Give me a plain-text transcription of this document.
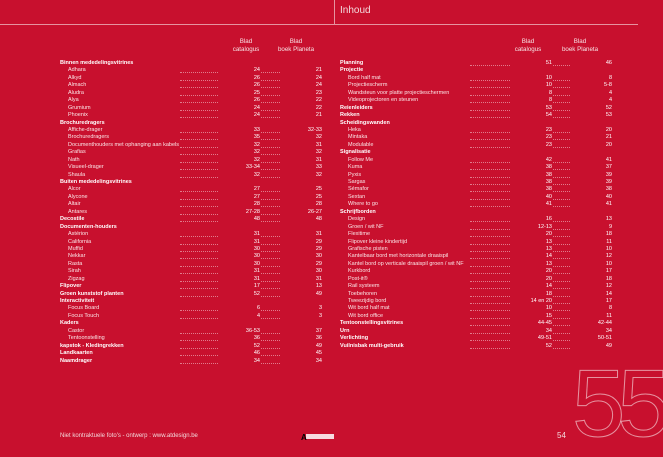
Inhoud
Blad
catalogus
Blad
boek Planeta
Binnen mededelingsvitrines
Adhara	24	21
Alkyd	26	24
Almach	26	24
Aludra	25	23
Alya	26	22
Grumium	24	22
Phoenix	24	21
Brochuredragers
Affiche-drager	33	32-33
Brochuredragers	35	32
Documenthouders met ophanging aan kabels	32	31
Grafias	32	32
Nath	32	31
Visueel-drager	33-34	33
Shaula	32	32
Buiten mededelingsvitrines
Alcor	27	25
Alycone	27	25
Altair	28	28
Antares	27-28	26-27
Decostile	48	48
Documenten-houders
Astérion	31	31
California	31	29
Muffid	30	29
Nekkar	30	30
Rasta	30	29
Sirah	31	30
Zigzag	31	31
Flipover	17	13
Groen kunststof planten	52	49
Interactiviteit
Focus Board	6	3
Focus Touch	4	3
Kaders
Castor	36-53	37
Tentoonstelling	36	36
kapstok - Kledingrekken	52	49
Landkaarten	46	45
Naamdrager	34	34
Blad
catalogus
Blad
boek Planeta
Planning	51	46
Projectie
Bord half mat	10	8
Projectiescherm	10	5-8
Wandsteun voor platte projectieschermen	8	4
Videoprojectoren en steunen	8	4
Reienleiders	53	52
Rekken	54	53
Scheidingswanden
Heka	23	20
Mintaka	23	21
Modulable	23	20
Signalisatie
Follow Me	42	41
Kuma	38	37
Pyxis	38	39
Sargas	38	39
Sémafor	38	38
Sextan	40	40
Where to go	41	41
Schrijfborden
Design	16	13
Groen / wit NF	12-13	9
Flexitime	20	18
Flipover kleine kindertijd	13	11
Grafische pisten	13	10
Kantelbaar bord met horizontale draaispil	14	12
Kantel bord op verticale draaispil groen / wit NF	13	10
Kurkbord	20	17
Post-it®	20	18
Rail systeem	14	12
Toebehoren	18	14
Tweezijdig bord	14 en 20	17
Wit bord half mat	10	8
Wit bord office	15	11
Tentoonstellingsvitrines	44-45	42-44
Urn	34	34
Verlichting	49-51	50-51
Vuilnisbak multi-gebruik	52	49
55
Niet kontraktuele foto's - ontwerp : www.atdesign.be	A	54
